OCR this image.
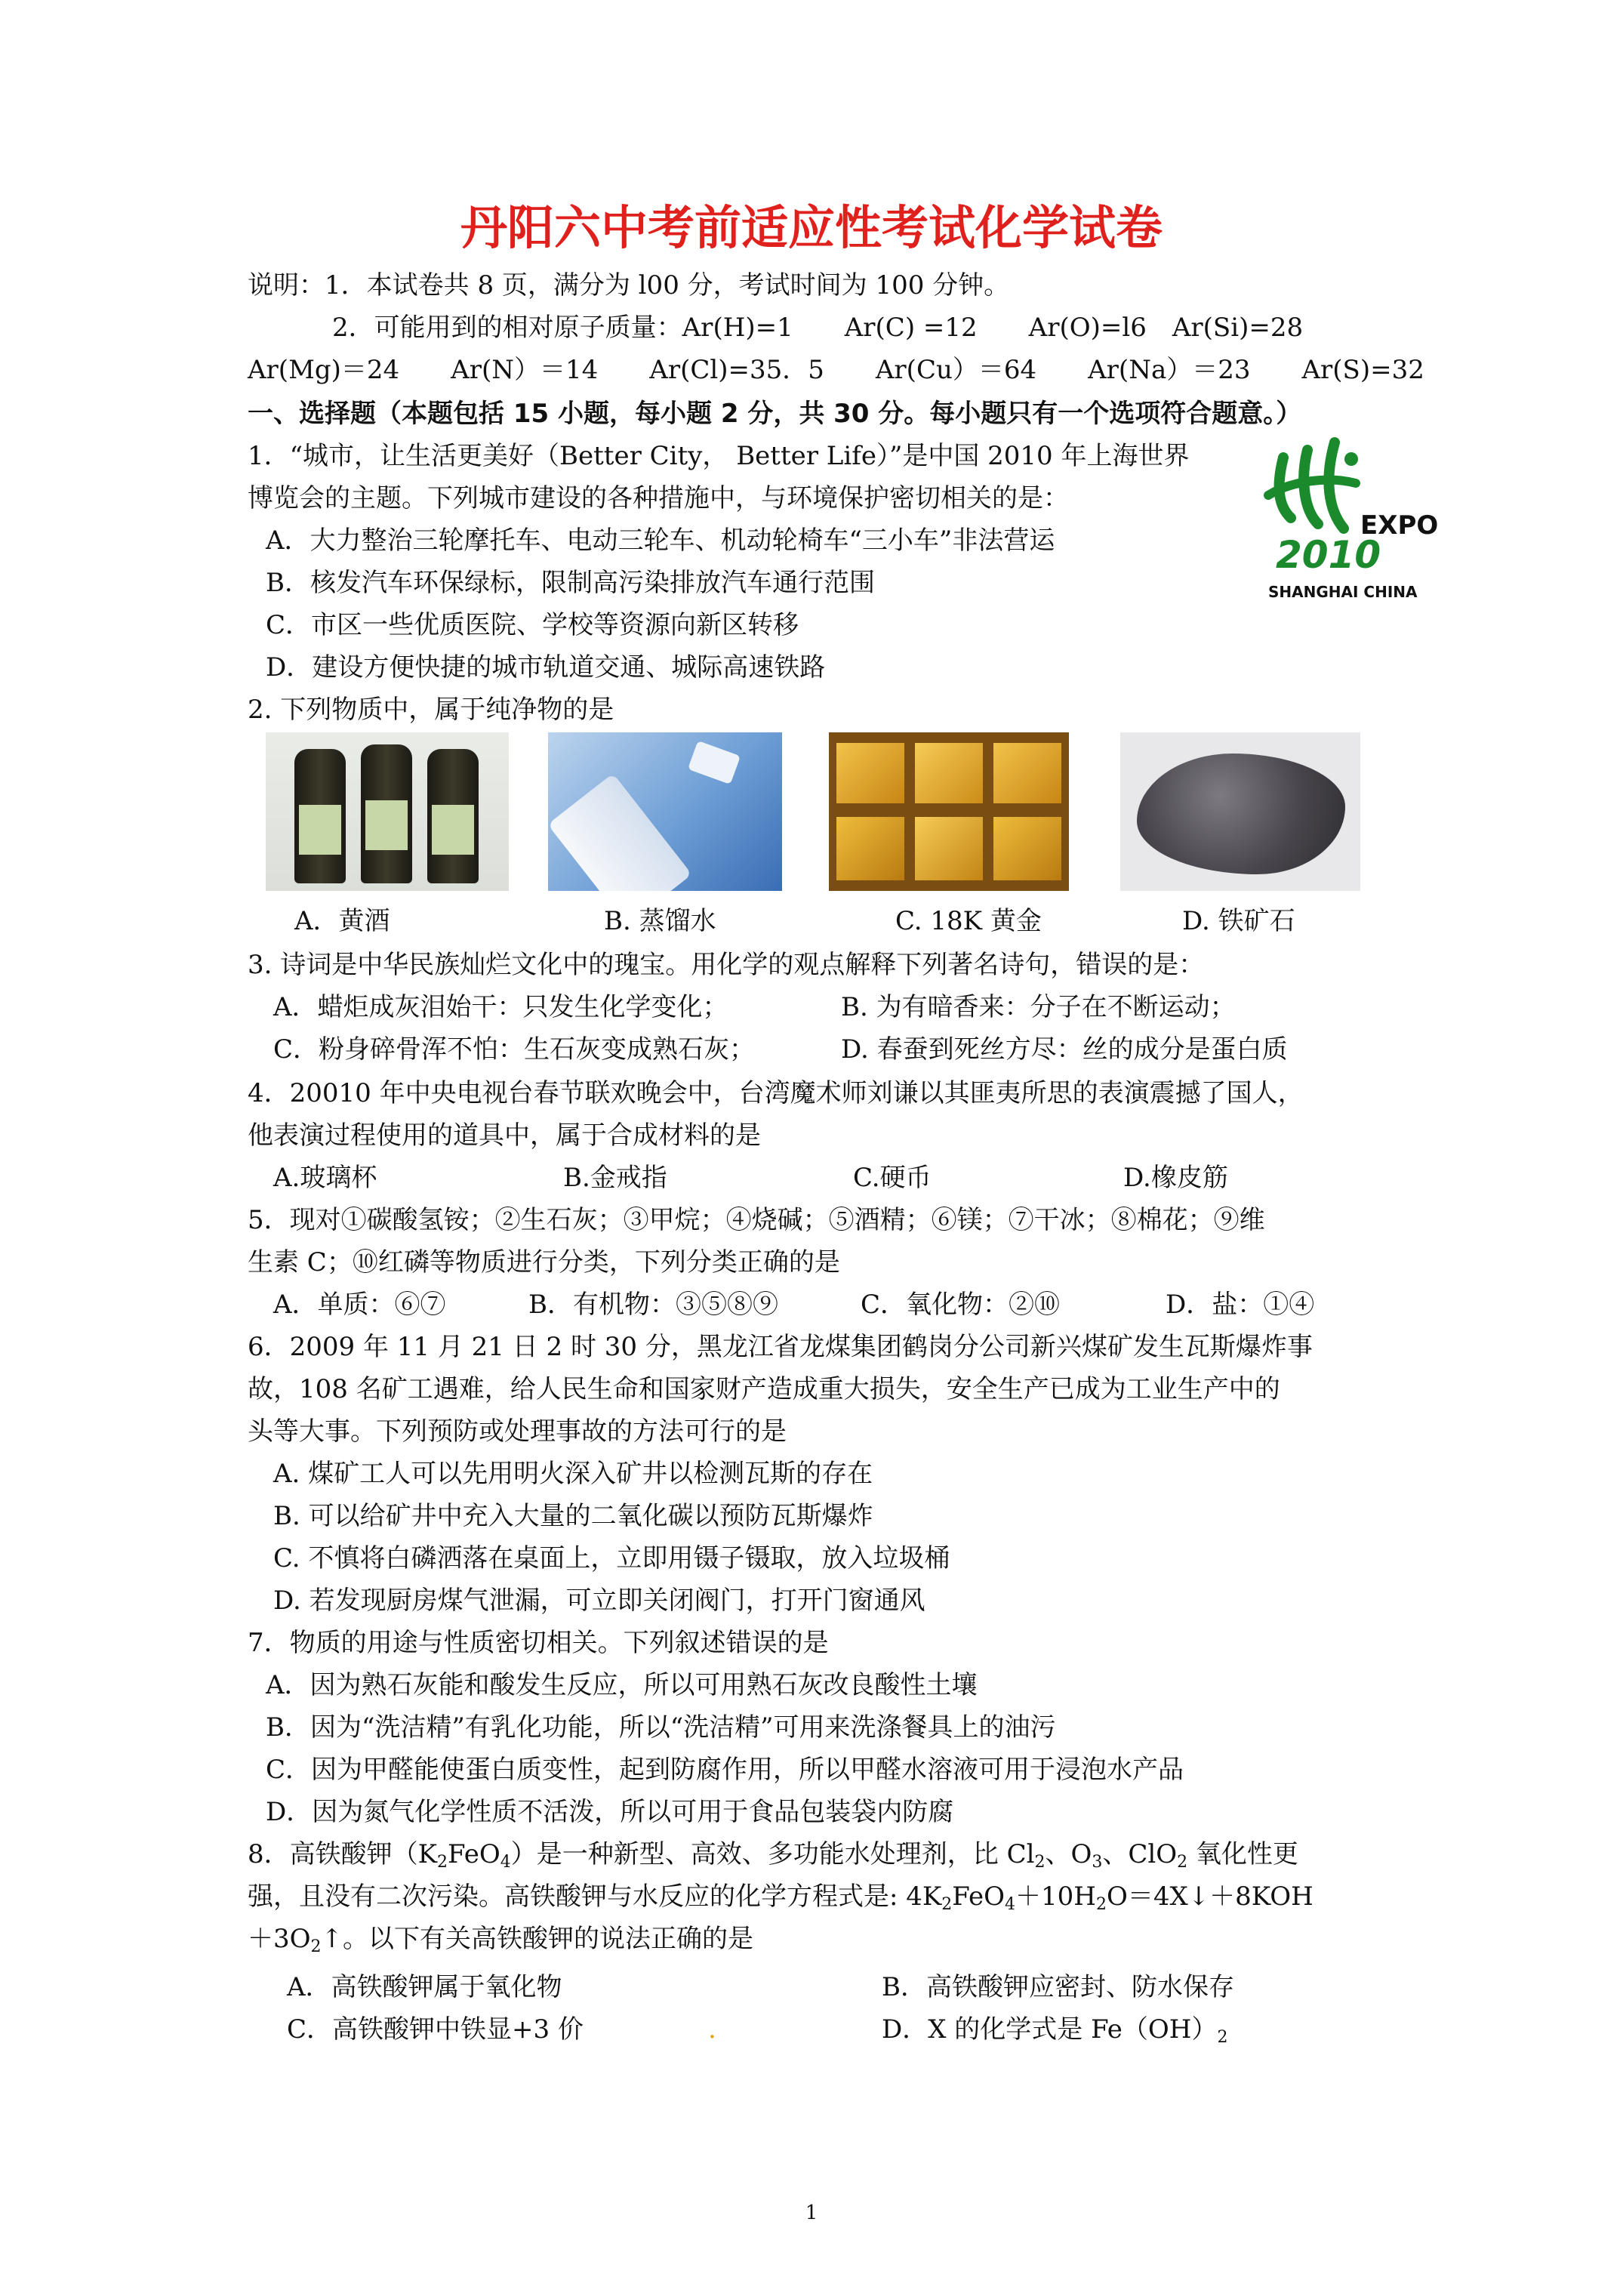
丹阳六中考前适应性考试化学试卷
说明：1．本试卷共 8 页，满分为 l00 分，考试时间为 100 分钟。
2．可能用到的相对原子质量：Ar(H)=1　　Ar(C) =12　　Ar(O)=l6　Ar(Si)=28
Ar(Mg)＝24　　Ar(N）＝14　　Ar(Cl)=35．5　　Ar(Cu）＝64　　Ar(Na）＝23　　Ar(S)=32
一、选择题（本题包括 15 小题，每小题 2 分，共 30 分。每小题只有一个选项符合题意。）
1．“城市，让生活更美好（Better City， Better Life）”是中国 2010 年上海世界
博览会的主题。下列城市建设的各种措施中，与环境保护密切相关的是：
A．大力整治三轮摩托车、电动三轮车、机动轮椅车“三小车”非法营运
B．核发汽车环保绿标，限制高污染排放汽车通行范围
C．市区一些优质医院、学校等资源向新区转移
D．建设方便快捷的城市轨道交通、城际高速铁路
EXPO
2010
SHANGHAI CHINA
2. 下列物质中，属于纯净物的是
A．黄酒	B. 蒸馏水	C. 18K 黄金	D. 铁矿石
3. 诗词是中华民族灿烂文化中的瑰宝。用化学的观点解释下列著名诗句，错误的是：
A．蜡炬成灰泪始干：只发生化学变化；	B. 为有暗香来：分子在不断运动；
C．粉身碎骨浑不怕：生石灰变成熟石灰；	D. 春蚕到死丝方尽：丝的成分是蛋白质
4．20010 年中央电视台春节联欢晚会中，台湾魔术师刘谦以其匪夷所思的表演震撼了国人，
他表演过程使用的道具中，属于合成材料的是
A.玻璃杯	B.金戒指	C.硬币	D.橡皮筋
5．现对①碳酸氢铵；②生石灰；③甲烷；④烧碱；⑤酒精；⑥镁；⑦干冰；⑧棉花；⑨维
生素 C；⑩红磷等物质进行分类，下列分类正确的是
A．单质：⑥⑦	B．有机物：③⑤⑧⑨	C．氧化物：②⑩	D．盐：①④
6．2009 年 11 月 21 日 2 时 30 分，黑龙江省龙煤集团鹤岗分公司新兴煤矿发生瓦斯爆炸事
故，108 名矿工遇难，给人民生命和国家财产造成重大损失，安全生产已成为工业生产中的
头等大事。下列预防或处理事故的方法可行的是
A. 煤矿工人可以先用明火深入矿井以检测瓦斯的存在
B. 可以给矿井中充入大量的二氧化碳以预防瓦斯爆炸
C. 不慎将白磷洒落在桌面上，立即用镊子镊取，放入垃圾桶
D. 若发现厨房煤气泄漏，可立即关闭阀门，打开门窗通风
7．物质的用途与性质密切相关。下列叙述错误的是
A．因为熟石灰能和酸发生反应，所以可用熟石灰改良酸性土壤
B．因为“洗洁精”有乳化功能，所以“洗洁精”可用来洗涤餐具上的油污
C．因为甲醛能使蛋白质变性，起到防腐作用，所以甲醛水溶液可用于浸泡水产品
D．因为氮气化学性质不活泼，所以可用于食品包装袋内防腐
8．高铁酸钾$(K_2FeO_4)$是一种新型、高效、多功能水处理剂，比 $Cl_2$、$O_3$、ClO$_2$ 氧化性更
强，且没有二次污染。高铁酸钾与水反应的化学方程式是: $4K_2FeO_4+10H_2O=4X↓+8KOH$
$+3O_2↑$。以下有关高铁酸钾的说法正确的是
A．高铁酸钾属于氧化物	B．高铁酸钾应密封、防水保存
C．高铁酸钾中铁显+3 价	.	D．X 的化学式是 $Fe(OH)_2$
1
